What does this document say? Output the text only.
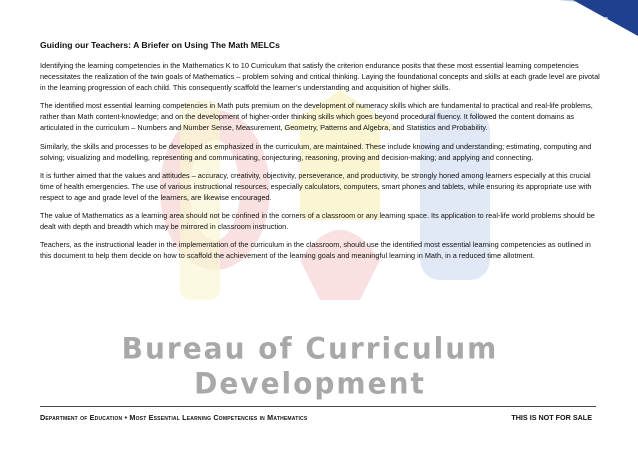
2
Guiding our Teachers: A Briefer on Using The Math MELCs

Identifying the learning competencies in the Mathematics K to 10 Curriculum that satisfy the criterion endurance posits that these most essential learning competencies necessitates the realization of the twin goals of Mathematics – problem solving and critical thinking. Laying the foundational concepts and skills at each grade level are pivotal in the learning progression of each child. This consequently scaffold the learner’s understanding and acquisition of higher skills.

The identified most essential learning competencies in Math puts premium on the development of numeracy skills which are fundamental to practical and real-life problems, rather than Math content-knowledge; and on the development of higher-order thinking skills which goes beyond procedural fluency. It followed the content domains as articulated in the curriculum – Numbers and Number Sense, Measurement, Geometry, Patterns and Algebra, and Statistics and Probability.

Similarly, the skills and processes to be developed as emphasized in the curriculum, are maintained. These include knowing and understanding; estimating, computing and solving; visualizing and modelling, representing and communicating, conjecturing, reasoning, proving and decision-making; and applying and connecting.

It is further aimed that the values and attitudes – accuracy, creativity, objectivity, perseverance, and productivity, be strongly honed among learners especially at this crucial time of health emergencies. The use of various instructional resources, especially calculators, computers, smart phones and tablets, while ensuring its appropriate use with respect to age and grade level of the learners, are likewise encouraged.

The value of Mathematics as a learning area should not be confined in the corners of a classroom or any learning space. Its application to real-life world problems should be dealt with depth and breadth which may be mirrored in classroom instruction.

Teachers, as the instructional leader in the implementation of the curriculum in the classroom, should use the identified most essential learning competencies as outlined in this document to help them decide on how to scaffold the achievement of the learning goals and meaningful learning in Math, in a reduced time allotment.

Bureau of Curriculum Development
Department of Education • Most Essential Learning Competencies in Mathematics	THIS IS NOT FOR SALE
